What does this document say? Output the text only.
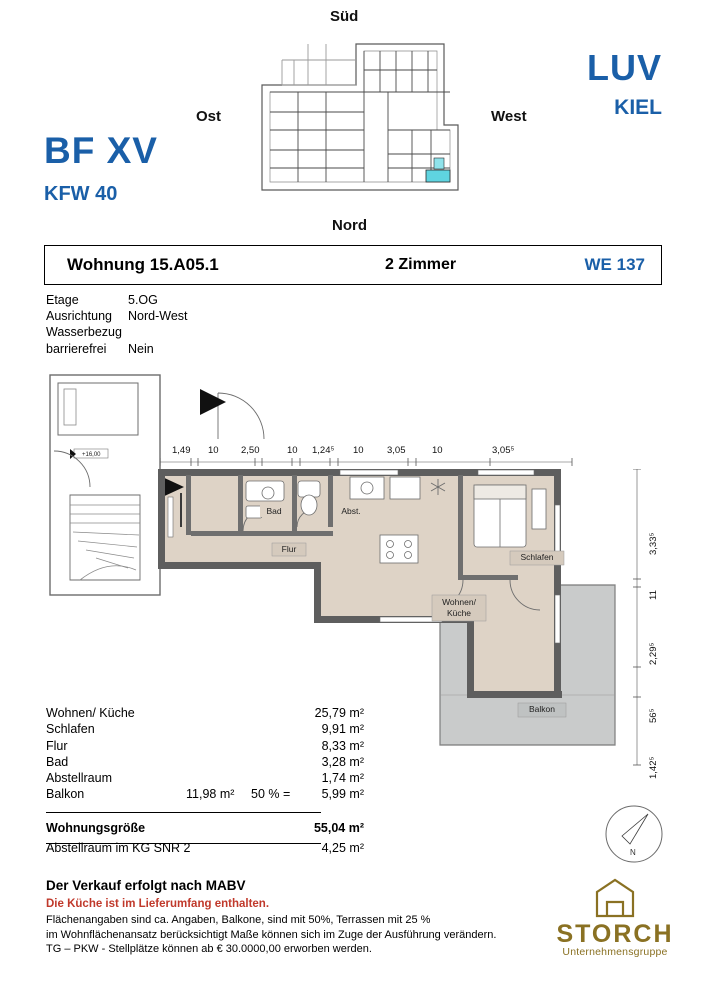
Süd
Ost	West
Nord
BF XV
KFW 40
LUV
KIEL
Wohnung 15.A05.1	2 Zimmer	WE 137
Etage	5.OG
Ausrichtung Nord-West
Wasserbezug
barrierefrei Nein
+16,00
Bad	Abst.
Flur
Schlafen
Wohnen/
Küche
Balkon
1,49 10 2,50	10 1,24⁵ 10 3,05	10	3,05⁵
3,33⁵
11
2,29⁵
56⁵
1,42⁵
Wohnen/ Küche	25,79 m²
Schlafen	9,91 m²
Flur	8,33 m²
Bad	3,28 m²
Abstellraum	1,74 m²
Balkon	11,98 m² 50 % =	5,99 m²
Wohnungsgröße	55,04 m²
Abstellraum im KG SNR 2	4,25 m²
Der Verkauf erfolgt nach MABV
Die Küche ist im Lieferumfang enthalten.
Flächenangaben sind ca. Angaben, Balkone, sind mit 50%, Terrassen mit 25 %
im Wohnflächenansatz berücksichtigt Maße können sich im Zuge der Ausführung verändern.
TG – PKW - Stellplätze können ab € 30.0000,00 erworben werden.
N
STORCH
Unternehmensgruppe
